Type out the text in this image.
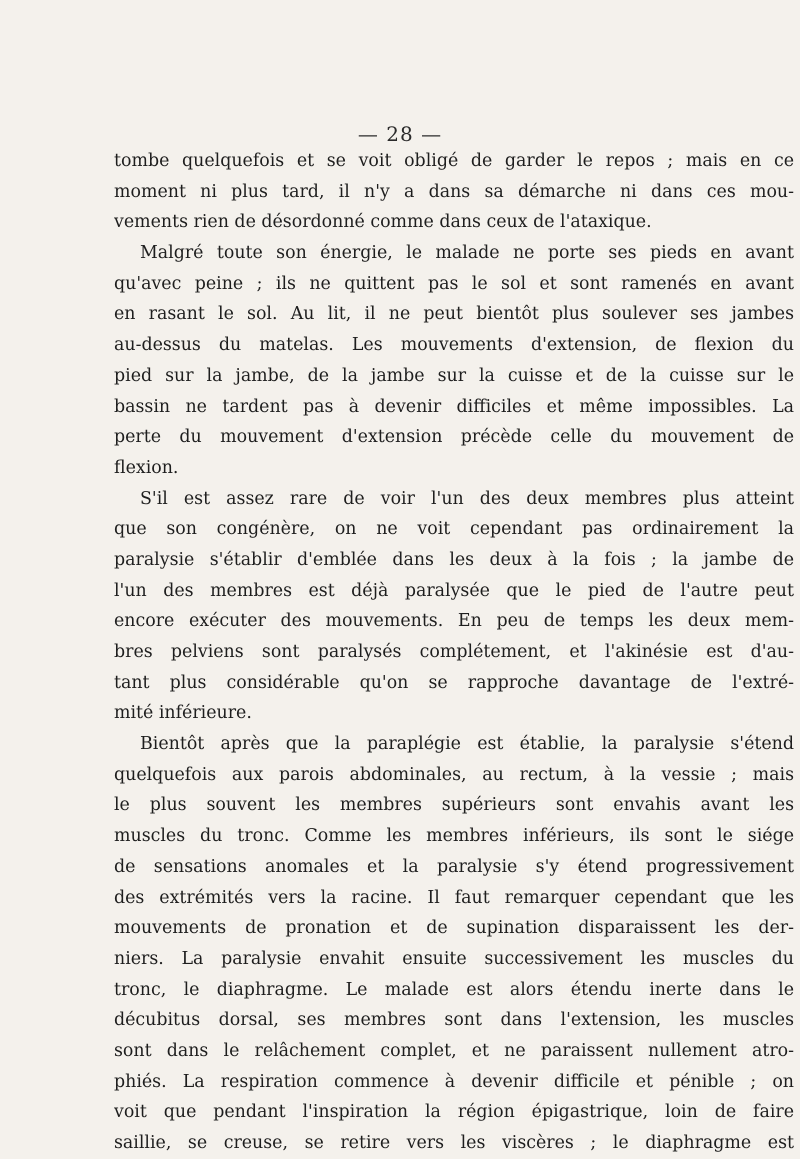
— 28 —
tombe quelquefois et se voit obligé de garder le repos ; mais en ce
moment ni plus tard, il n'y a dans sa démarche ni dans ces mou-
vements rien de désordonné comme dans ceux de l'ataxique.
Malgré toute son énergie, le malade ne porte ses pieds en avant
qu'avec peine ; ils ne quittent pas le sol et sont ramenés en avant
en rasant le sol. Au lit, il ne peut bientôt plus soulever ses jambes
au-dessus du matelas. Les mouvements d'extension, de flexion du
pied sur la jambe, de la jambe sur la cuisse et de la cuisse sur le
bassin ne tardent pas à devenir difficiles et même impossibles. La
perte du mouvement d'extension précède celle du mouvement de
flexion.
S'il est assez rare de voir l'un des deux membres plus atteint
que son congénère, on ne voit cependant pas ordinairement la
paralysie s'établir d'emblée dans les deux à la fois ; la jambe de
l'un des membres est déjà paralysée que le pied de l'autre peut
encore exécuter des mouvements. En peu de temps les deux mem-
bres pelviens sont paralysés complétement, et l'akinésie est d'au-
tant plus considérable qu'on se rapproche davantage de l'extré-
mité inférieure.
Bientôt après que la paraplégie est établie, la paralysie s'étend
quelquefois aux parois abdominales, au rectum, à la vessie ; mais
le plus souvent les membres supérieurs sont envahis avant les
muscles du tronc. Comme les membres inférieurs, ils sont le siége
de sensations anomales et la paralysie s'y étend progressivement
des extrémités vers la racine. Il faut remarquer cependant que les
mouvements de pronation et de supination disparaissent les der-
niers. La paralysie envahit ensuite successivement les muscles du
tronc, le diaphragme. Le malade est alors étendu inerte dans le
décubitus dorsal, ses membres sont dans l'extension, les muscles
sont dans le relâchement complet, et ne paraissent nullement atro-
phiés. La respiration commence à devenir difficile et pénible ; on
voit que pendant l'inspiration la région épigastrique, loin de faire
saillie, se creuse, se retire vers les viscères ; le diaphragme est
